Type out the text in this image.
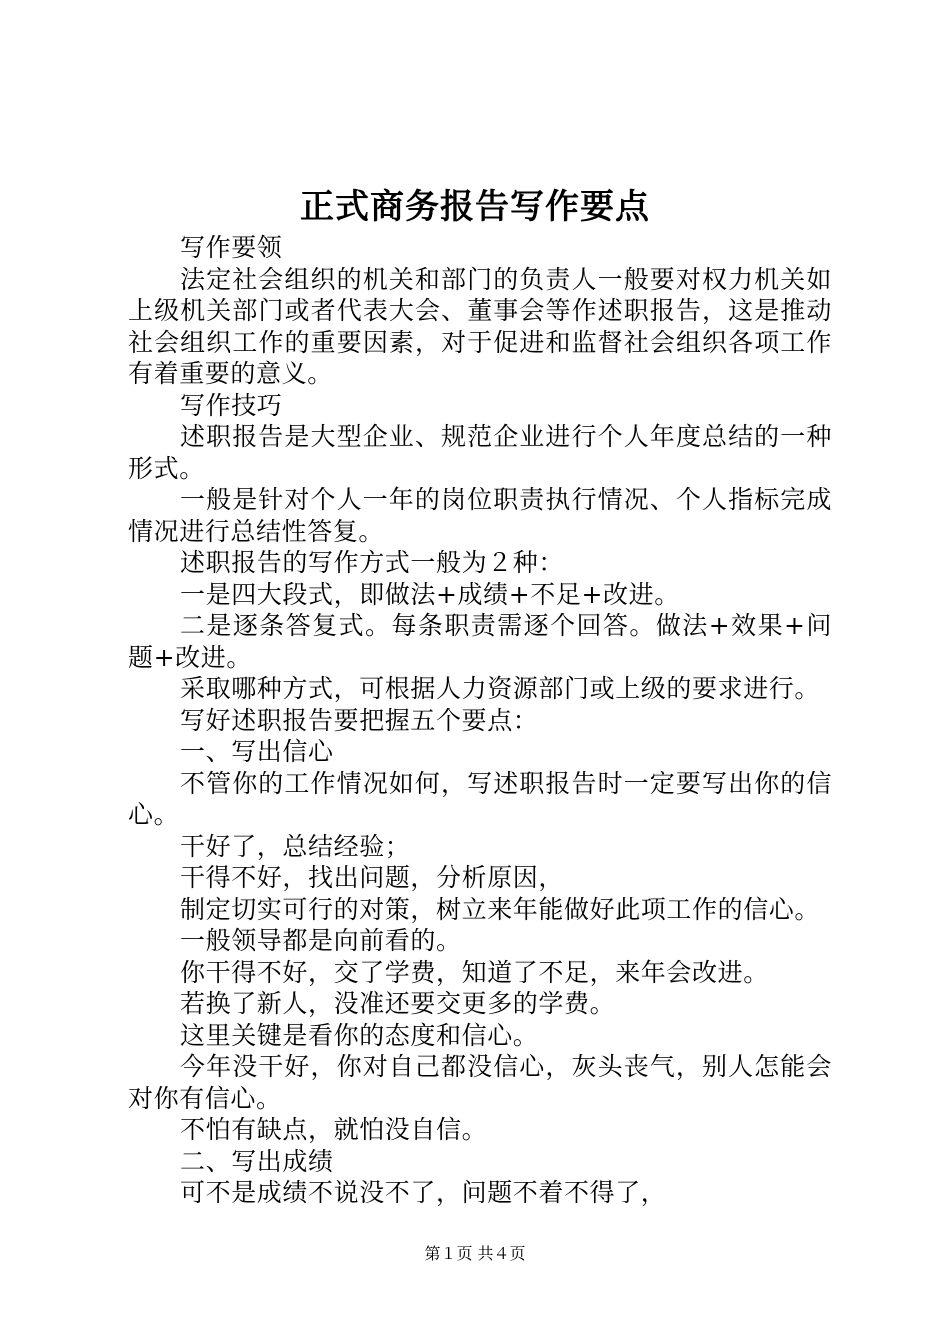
正式商务报告写作要点

写作要领

法定社会组织的机关和部门的负责人一般要对权力机关如上级机关部门或者代表大会、董事会等作述职报告，这是推动社会组织工作的重要因素，对于促进和监督社会组织各项工作有着重要的意义。

写作技巧

述职报告是大型企业、规范企业进行个人年度总结的一种形式。

一般是针对个人一年的岗位职责执行情况、个人指标完成情况进行总结性答复。

述职报告的写作方式一般为２种：

一是四大段式，即做法+成绩+不足+改进。

二是逐条答复式。每条职责需逐个回答。做法+效果+问题+改进。

采取哪种方式，可根据人力资源部门或上级的要求进行。

写好述职报告要把握五个要点：

一、写出信心

不管你的工作情况如何，写述职报告时一定要写出你的信心。

干好了，总结经验；

干得不好，找出问题，分析原因，

制定切实可行的对策，树立来年能做好此项工作的信心。

一般领导都是向前看的。

你干得不好，交了学费，知道了不足，来年会改进。

若换了新人，没准还要交更多的学费。

这里关键是看你的态度和信心。

今年没干好，你对自己都没信心，灰头丧气，别人怎能会对你有信心。

不怕有缺点，就怕没自信。

二、写出成绩

可不是成绩不说没不了，问题不着不得了，

第１页 共４页
